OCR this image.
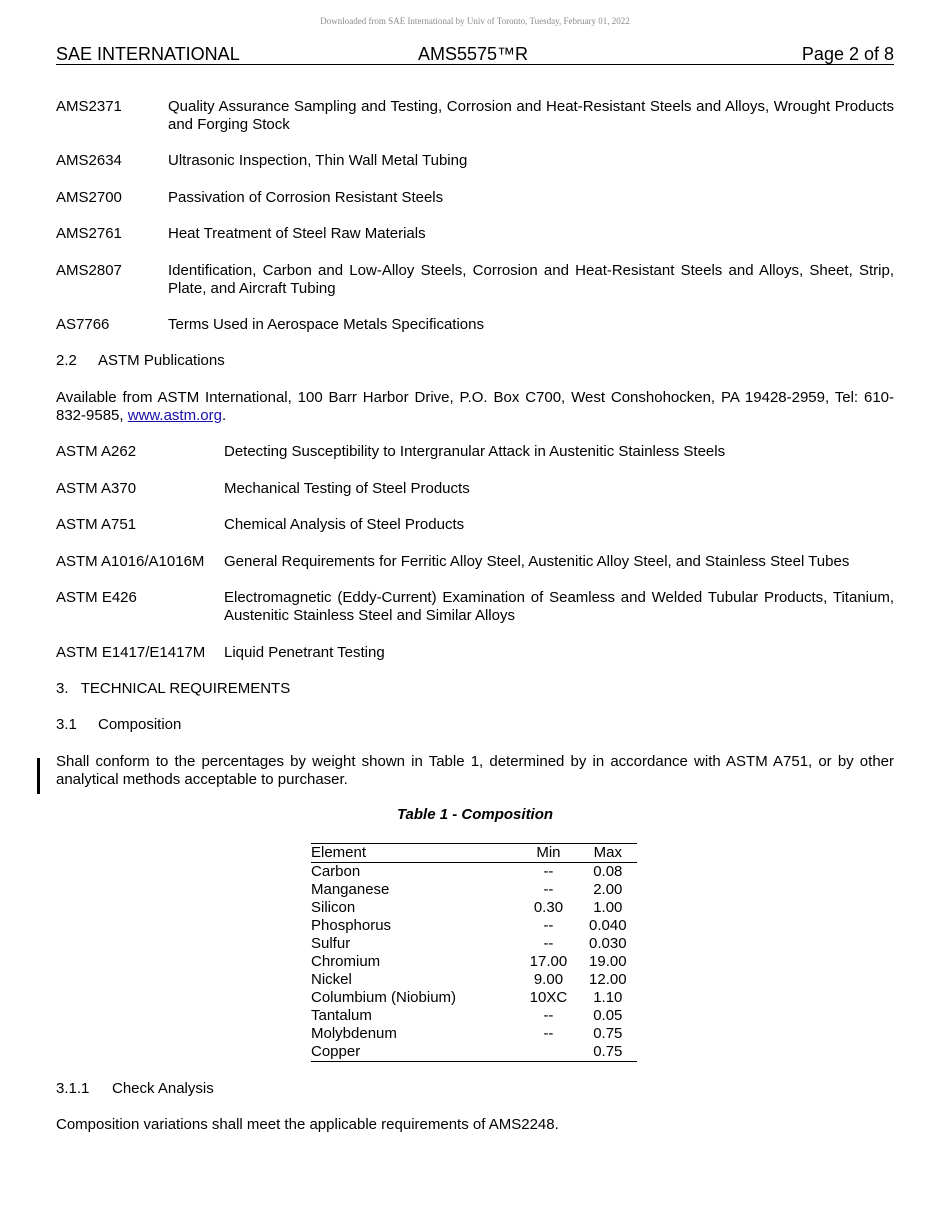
Downloaded from SAE International by Univ of Toronto, Tuesday, February 01, 2022
SAE INTERNATIONAL	AMS5575™R	Page 2 of 8
AMS2371	Quality Assurance Sampling and Testing, Corrosion and Heat-Resistant Steels and Alloys, Wrought Products and Forging Stock
AMS2634	Ultrasonic Inspection, Thin Wall Metal Tubing
AMS2700	Passivation of Corrosion Resistant Steels
AMS2761	Heat Treatment of Steel Raw Materials
AMS2807	Identification, Carbon and Low-Alloy Steels, Corrosion and Heat-Resistant Steels and Alloys, Sheet, Strip, Plate, and Aircraft Tubing
AS7766	Terms Used in Aerospace Metals Specifications
2.2 ASTM Publications
Available from ASTM International, 100 Barr Harbor Drive, P.O. Box C700, West Conshohocken, PA 19428-2959, Tel: 610-832-9585, www.astm.org.
ASTM A262	Detecting Susceptibility to Intergranular Attack in Austenitic Stainless Steels
ASTM A370	Mechanical Testing of Steel Products
ASTM A751	Chemical Analysis of Steel Products
ASTM A1016/A1016M General Requirements for Ferritic Alloy Steel, Austenitic Alloy Steel, and Stainless Steel Tubes
ASTM E426	Electromagnetic (Eddy-Current) Examination of Seamless and Welded Tubular Products, Titanium, Austenitic Stainless Steel and Similar Alloys
ASTM E1417/E1417M Liquid Penetrant Testing
3.   TECHNICAL REQUIREMENTS
3.1 Composition
Shall conform to the percentages by weight shown in Table 1, determined by in accordance with ASTM A751, or by other analytical methods acceptable to purchaser.
Table 1 - Composition
Element	Min	Max
Carbon	--	0.08
Manganese	--	2.00
Silicon	0.30	1.00
Phosphorus	--	0.040
Sulfur	--	0.030
Chromium	17.00	19.00
Nickel	9.00	12.00
Columbium (Niobium)	10XC	1.10
Tantalum	--	0.05
Molybdenum	--	0.75
Copper		0.75
3.1.1 Check Analysis
Composition variations shall meet the applicable requirements of AMS2248.
